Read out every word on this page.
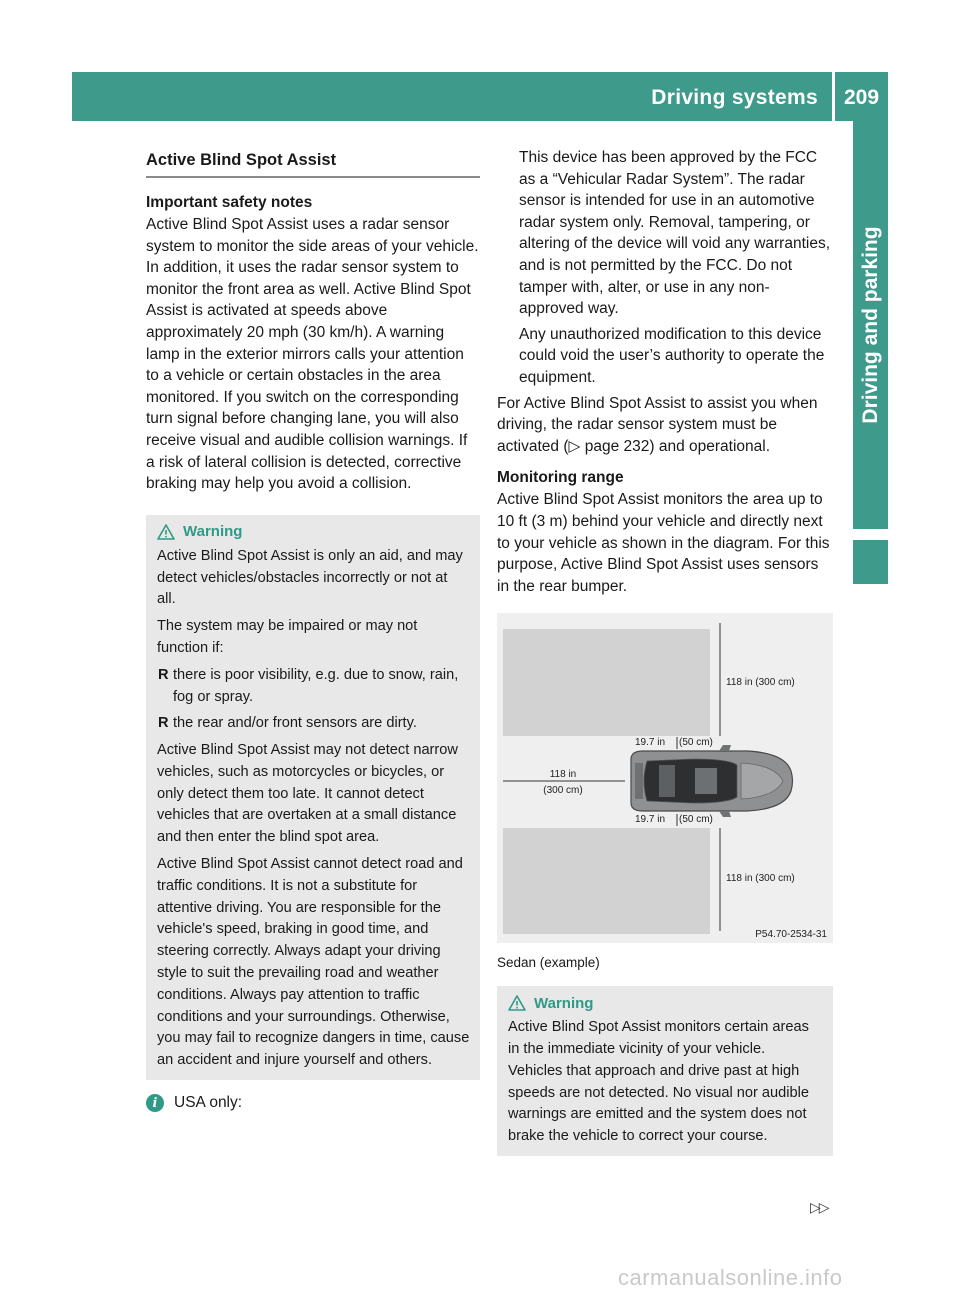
Driving systems	209
Driving and parking
Active Blind Spot Assist
Important safety notes

Active Blind Spot Assist uses a radar sensor system to monitor the side areas of your vehicle. In addition, it uses the radar sensor system to monitor the front area as well. Active Blind Spot Assist is activated at speeds above approximately 20 mph (30 km/h). A warning lamp in the exterior mirrors calls your attention to a vehicle or certain obstacles in the area monitored. If you switch on the corresponding turn signal before changing lane, you will also receive visual and audible collision warnings. If a risk of lateral collision is detected, corrective braking may help you avoid a collision.

Warning

Active Blind Spot Assist is only an aid, and may detect vehicles/obstacles incorrectly or not at all.

The system may be impaired or may not function if:

R there is poor visibility, e.g. due to snow, rain, fog or spray.
R the rear and/or front sensors are dirty.

Active Blind Spot Assist may not detect narrow vehicles, such as motorcycles or bicycles, or only detect them too late. It cannot detect vehicles that are overtaken at a small distance and then enter the blind spot area.

Active Blind Spot Assist cannot detect road and traffic conditions. It is not a substitute for attentive driving. You are responsible for the vehicle's speed, braking in good time, and steering correctly. Always adapt your driving style to suit the prevailing road and weather conditions. Always pay attention to traffic conditions and your surroundings. Otherwise, you may fail to recognize dangers in time, cause an accident and injure yourself and others.

i	USA only:

This device has been approved by the FCC as a “Vehicular Radar System”. The radar sensor is intended for use in an automotive radar system only. Removal, tampering, or altering of the device will void any warranties, and is not permitted by the FCC. Do not tamper with, alter, or use in any non-approved way.

Any unauthorized modification to this device could void the user’s authority to operate the equipment.

For Active Blind Spot Assist to assist you when driving, the radar sensor system must be activated (▷ page 232) and operational.

Monitoring range

Active Blind Spot Assist monitors the area up to 10 ft (3 m) behind your vehicle and directly next to your vehicle as shown in the diagram. For this purpose, Active Blind Spot Assist uses sensors in the rear bumper.

118 in (300 cm)
118 in (300 cm)
19.7 in (50 cm)
19.7 in (50 cm)
118 in
(300 cm)
P54.70-2534-31
Sedan (example)
Warning

Active Blind Spot Assist monitors certain areas in the immediate vicinity of your vehicle. Vehicles that approach and drive past at high speeds are not detected. No visual nor audible warnings are emitted and the system does not brake the vehicle to correct your course.

▷▷
carmanualsonline.info
